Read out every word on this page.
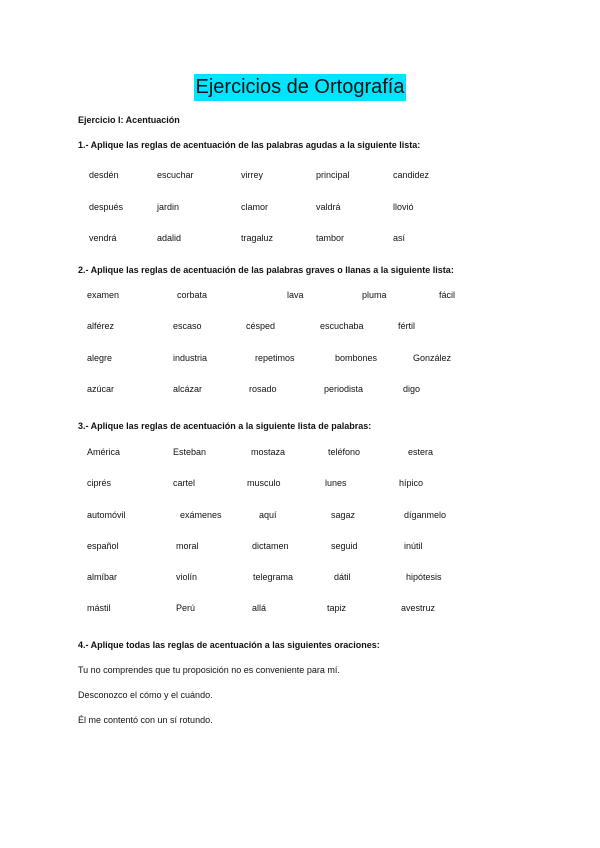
Ejercicios de Ortografía
Ejercicio I: Acentuación
1.- Aplique las reglas de acentuación de las palabras agudas a la siguiente lista:
desdén	escuchar	virrey	principal	candidez
después	jardin	clamor	valdrá	llovió
vendrá	adalid	tragaluz	tambor	así
2.- Aplique las reglas de acentuación de las palabras graves o llanas a la siguiente lista:
examen	corbata	lava	pluma	fácil
alférez	escaso	césped	escuchaba	fértil
alegre	industria	repetimos	bombones	González
azúcar	alcázar	rosado	periodista	digo
3.- Aplique las reglas de acentuación a la siguiente lista de palabras:
América	Esteban	mostaza	teléfono	estera
ciprés	cartel	musculo	lunes	hípico
automóvil	exámenes	aquí	sagaz	díganmelo
español	moral	dictamen	seguid	inútil
almíbar	violín	telegrama	dátil	hipótesis
mástil	Perú	allá	tapiz	avestruz
4.- Aplique todas las reglas de acentuación a las siguientes oraciones:
Tu no comprendes que tu proposición no es conveniente para mí.
Desconozco el cómo y el cuándo.
Él me contentó con un sí rotundo.
